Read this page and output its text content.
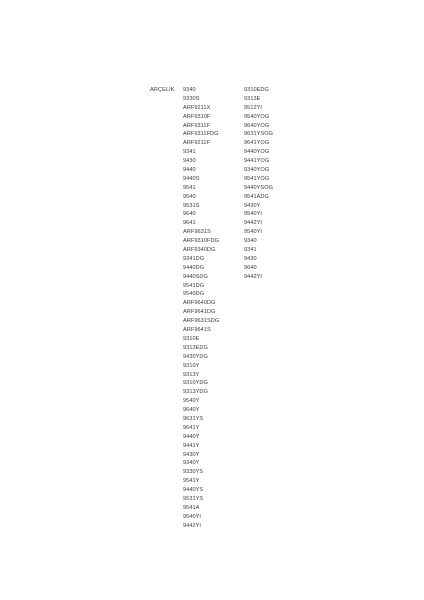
ARÇELİK 9340
9330S
ARF9211X
ARF9310F
ARF9311F
ARF9311FDG
ARF9211F
9341
9430
9440
9440S
9541
9540
9531S
9640
9641
ARF9631S
ARF9310FDG
ARF9340DG
9341DG
9440DG
9440SDG
9541DG
9540DG
ARF9640DG
ARF9641DG
ARF9631SDG
ARF9641S
9310E
9313EDG
9430YDG
9310Y
9313Y
9310YDG
9313YDG
9540Y
9640Y
9631YS
9641Y
9440Y
9441Y
9430Y
9340Y
9330YS
9541Y
9440YS
9531YS
9541A
9540YI
9442YI
9310EDG
9313E
9512YI
9540YOG
9640YOG
9631YSOG
9641YOG
9440YOG
9441YOG
9340YOG
9541YOG
9440YSOG
9541ADG
9430Y
9540YI
9442YI
9540YI
9340
9341
9430
9640
9442YI
